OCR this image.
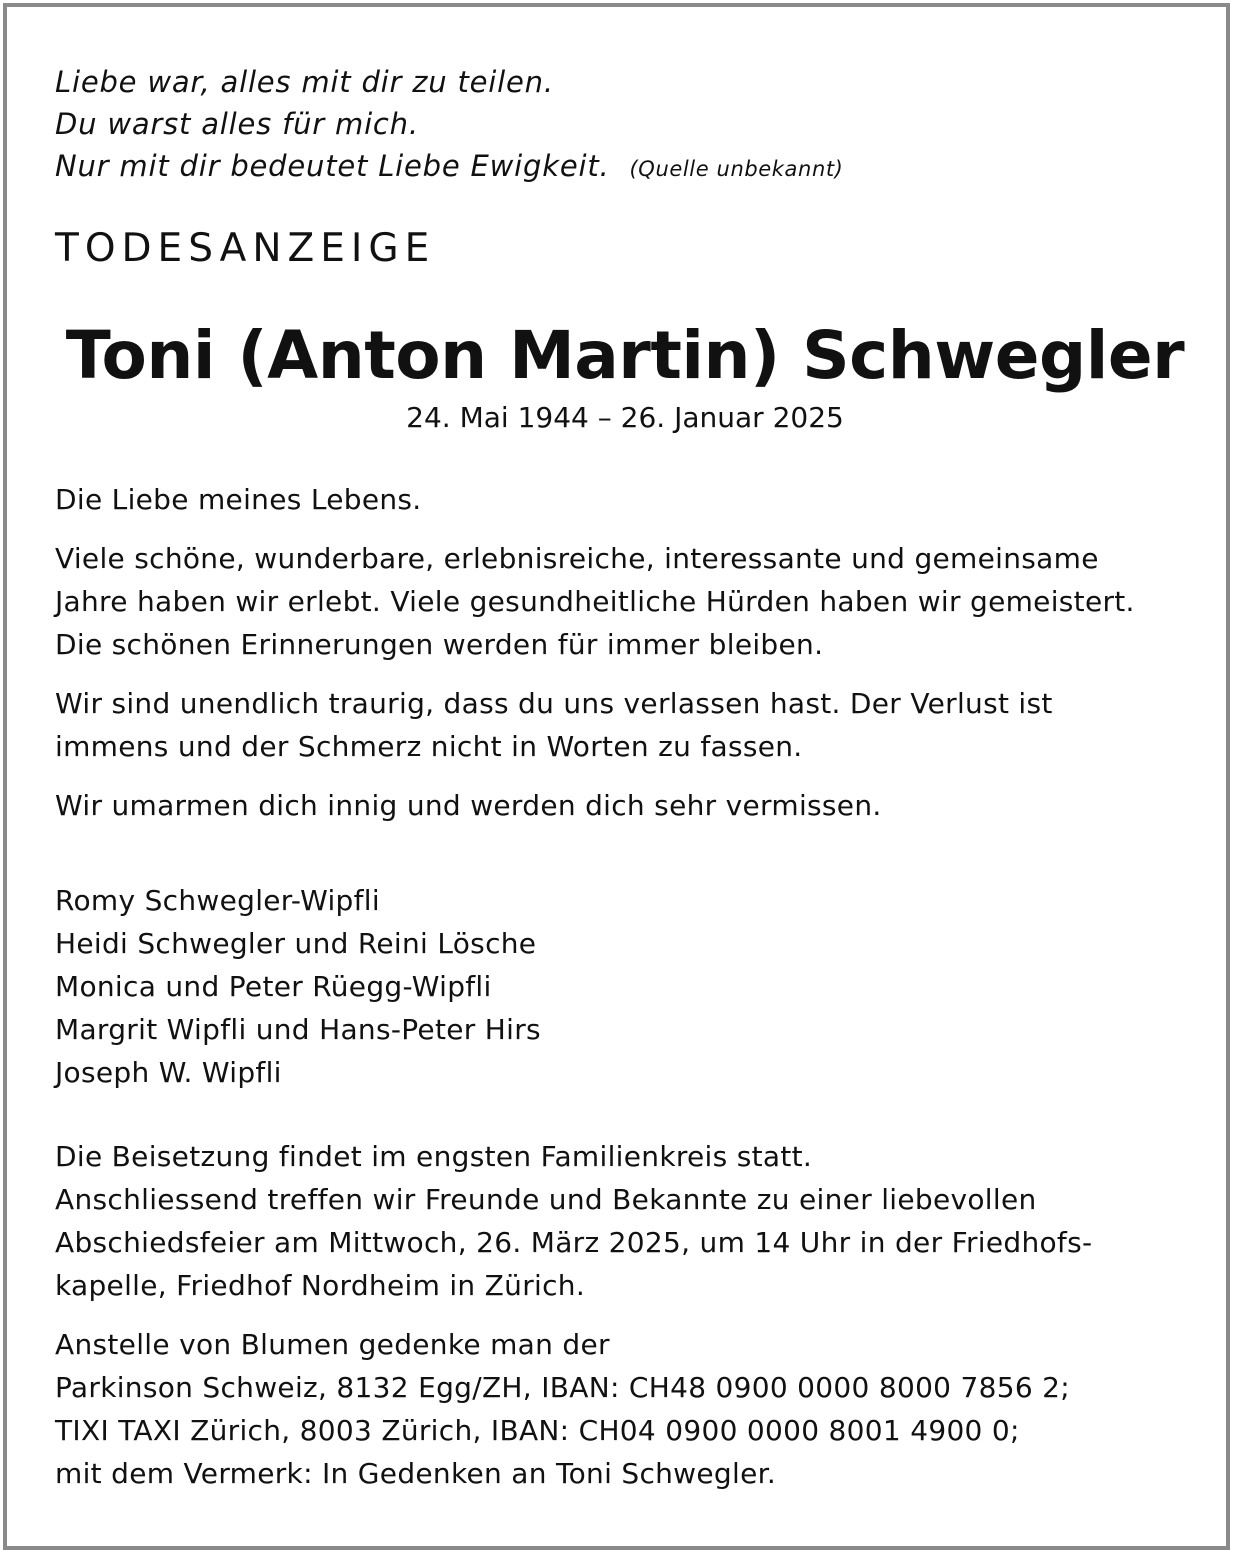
Liebe war, alles mit dir zu teilen.
Du warst alles für mich.
Nur mit dir bedeutet Liebe Ewigkeit. (Quelle unbekannt)
TODESANZEIGE
Toni (Anton Martin) Schwegler
24. Mai 1944 – 26. Januar 2025

Die Liebe meines Lebens.

Viele schöne, wunderbare, erlebnisreiche, interessante und gemeinsame
Jahre haben wir erlebt. Viele gesundheitliche Hürden haben wir gemeistert.
Die schönen Erinnerungen werden für immer bleiben.

Wir sind unendlich traurig, dass du uns verlassen hast. Der Verlust ist
immens und der Schmerz nicht in Worten zu fassen.

Wir umarmen dich innig und werden dich sehr vermissen.

Romy Schwegler-Wipfli
Heidi Schwegler und Reini Lösche
Monica und Peter Rüegg-Wipfli
Margrit Wipfli und Hans-Peter Hirs
Joseph W. Wipfli
Die Beisetzung findet im engsten Familienkreis statt.
Anschliessend treffen wir Freunde und Bekannte zu einer liebevollen
Abschiedsfeier am Mittwoch, 26. März 2025, um 14 Uhr in der Friedhofs-
kapelle, Friedhof Nordheim in Zürich.
Anstelle von Blumen gedenke man der
Parkinson Schweiz, 8132 Egg/ZH, IBAN: CH48 0900 0000 8000 7856 2;
TIXI TAXI Zürich, 8003 Zürich, IBAN: CH04 0900 0000 8001 4900 0;
mit dem Vermerk: In Gedenken an Toni Schwegler.
